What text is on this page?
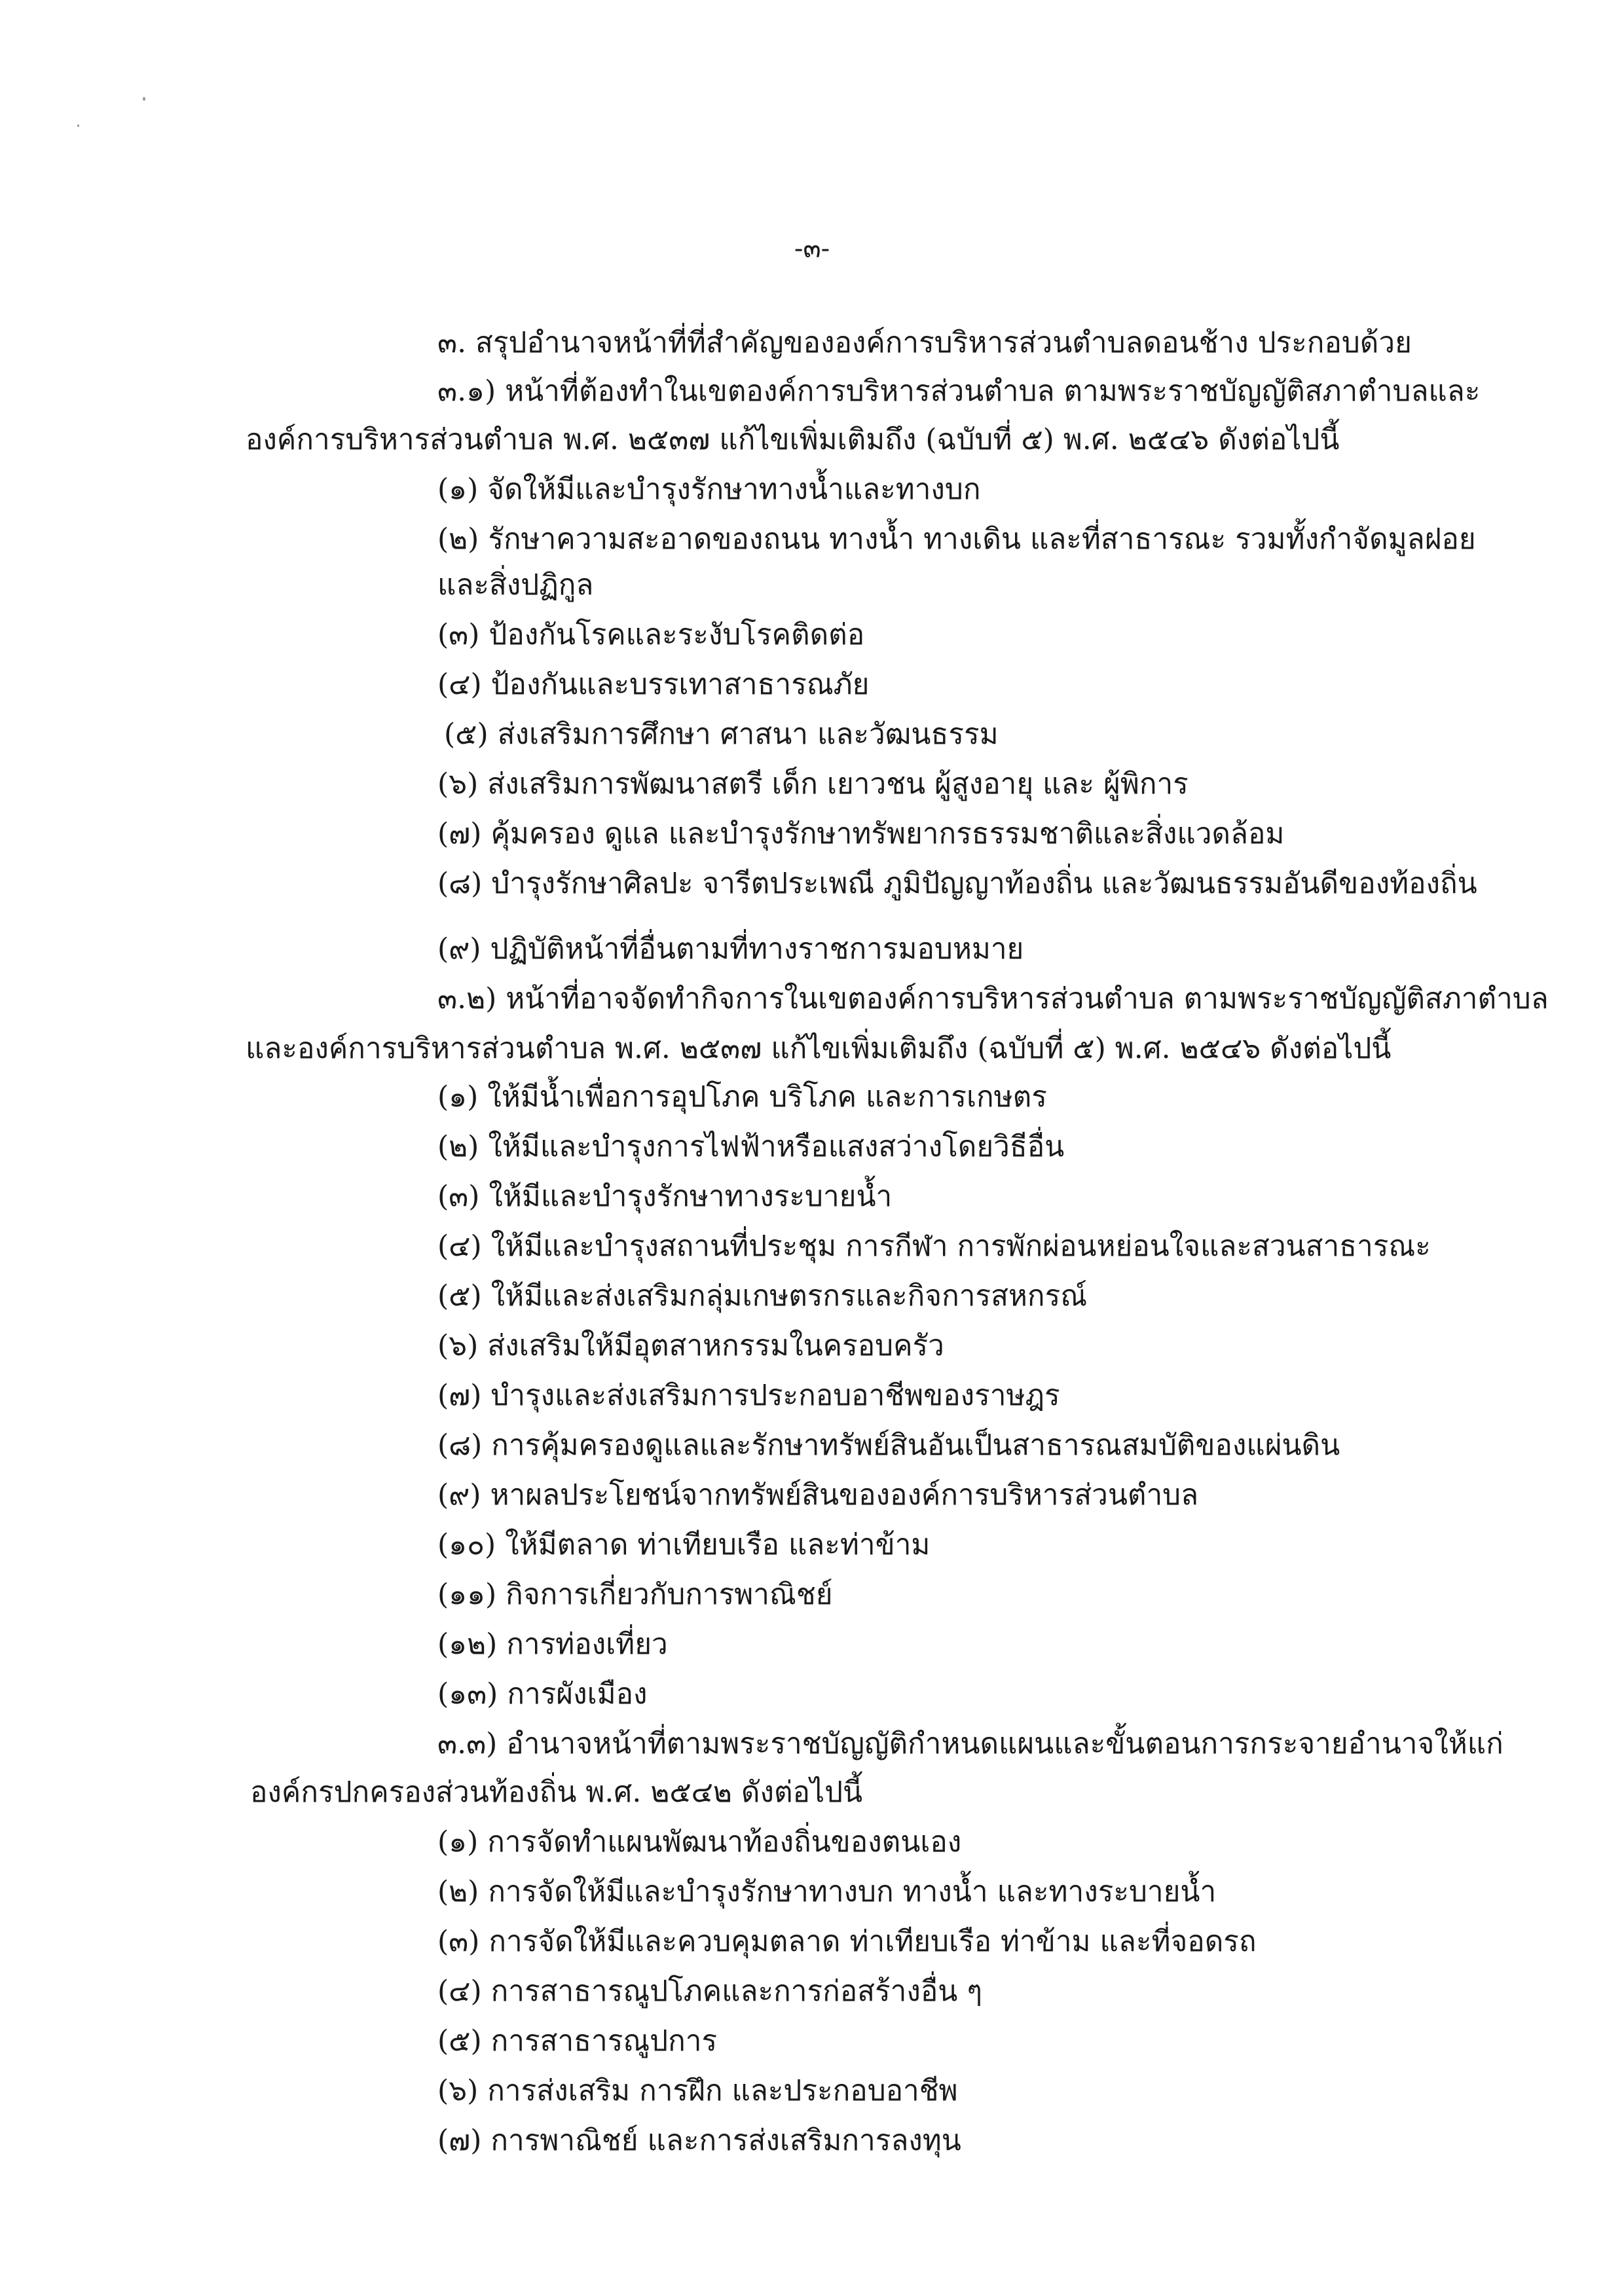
-๓-
๓. สรุปอำนาจหน้าที่ที่สำคัญขององค์การบริหารส่วนตำบลดอนช้าง ประกอบด้วย
๓.๑) หน้าที่ต้องทำในเขตองค์การบริหารส่วนตำบล ตามพระราชบัญญัติสภาตำบลและ
องค์การบริหารส่วนตำบล พ.ศ. ๒๕๓๗ แก้ไขเพิ่มเติมถึง (ฉบับที่ ๕) พ.ศ. ๒๕๔๖ ดังต่อไปนี้
(๑) จัดให้มีและบำรุงรักษาทางน้ำและทางบก
(๒) รักษาความสะอาดของถนน ทางน้ำ ทางเดิน และที่สาธารณะ รวมทั้งกำจัดมูลฝอย
และสิ่งปฏิกูล
(๓) ป้องกันโรคและระงับโรคติดต่อ
(๔) ป้องกันและบรรเทาสาธารณภัย
(๕) ส่งเสริมการศึกษา ศาสนา และวัฒนธรรม
(๖) ส่งเสริมการพัฒนาสตรี เด็ก เยาวชน ผู้สูงอายุ และ ผู้พิการ
(๗) คุ้มครอง ดูแล และบำรุงรักษาทรัพยากรธรรมชาติและสิ่งแวดล้อม
(๘) บำรุงรักษาศิลปะ จารีตประเพณี ภูมิปัญญาท้องถิ่น และวัฒนธรรมอันดีของท้องถิ่น
(๙) ปฏิบัติหน้าที่อื่นตามที่ทางราชการมอบหมาย
๓.๒) หน้าที่อาจจัดทำกิจการในเขตองค์การบริหารส่วนตำบล ตามพระราชบัญญัติสภาตำบล
และองค์การบริหารส่วนตำบล พ.ศ. ๒๕๓๗ แก้ไขเพิ่มเติมถึง (ฉบับที่ ๕) พ.ศ. ๒๕๔๖ ดังต่อไปนี้
(๑) ให้มีน้ำเพื่อการอุปโภค บริโภค และการเกษตร
(๒) ให้มีและบำรุงการไฟฟ้าหรือแสงสว่างโดยวิธีอื่น
(๓) ให้มีและบำรุงรักษาทางระบายน้ำ
(๔) ให้มีและบำรุงสถานที่ประชุม การกีฬา การพักผ่อนหย่อนใจและสวนสาธารณะ
(๕) ให้มีและส่งเสริมกลุ่มเกษตรกรและกิจการสหกรณ์
(๖) ส่งเสริมให้มีอุตสาหกรรมในครอบครัว
(๗) บำรุงและส่งเสริมการประกอบอาชีพของราษฎร
(๘) การคุ้มครองดูแลและรักษาทรัพย์สินอันเป็นสาธารณสมบัติของแผ่นดิน
(๙) หาผลประโยชน์จากทรัพย์สินขององค์การบริหารส่วนตำบล
(๑๐) ให้มีตลาด ท่าเทียบเรือ และท่าข้าม
(๑๑) กิจการเกี่ยวกับการพาณิชย์
(๑๒) การท่องเที่ยว
(๑๓) การผังเมือง
๓.๓) อำนาจหน้าที่ตามพระราชบัญญัติกำหนดแผนและขั้นตอนการกระจายอำนาจให้แก่
องค์กรปกครองส่วนท้องถิ่น พ.ศ. ๒๕๔๒ ดังต่อไปนี้
(๑) การจัดทำแผนพัฒนาท้องถิ่นของตนเอง
(๒) การจัดให้มีและบำรุงรักษาทางบก ทางน้ำ และทางระบายน้ำ
(๓) การจัดให้มีและควบคุมตลาด ท่าเทียบเรือ ท่าข้าม และที่จอดรถ
(๔) การสาธารณูปโภคและการก่อสร้างอื่น ๆ
(๕) การสาธารณูปการ
(๖) การส่งเสริม การฝึก และประกอบอาชีพ
(๗) การพาณิชย์ และการส่งเสริมการลงทุน
